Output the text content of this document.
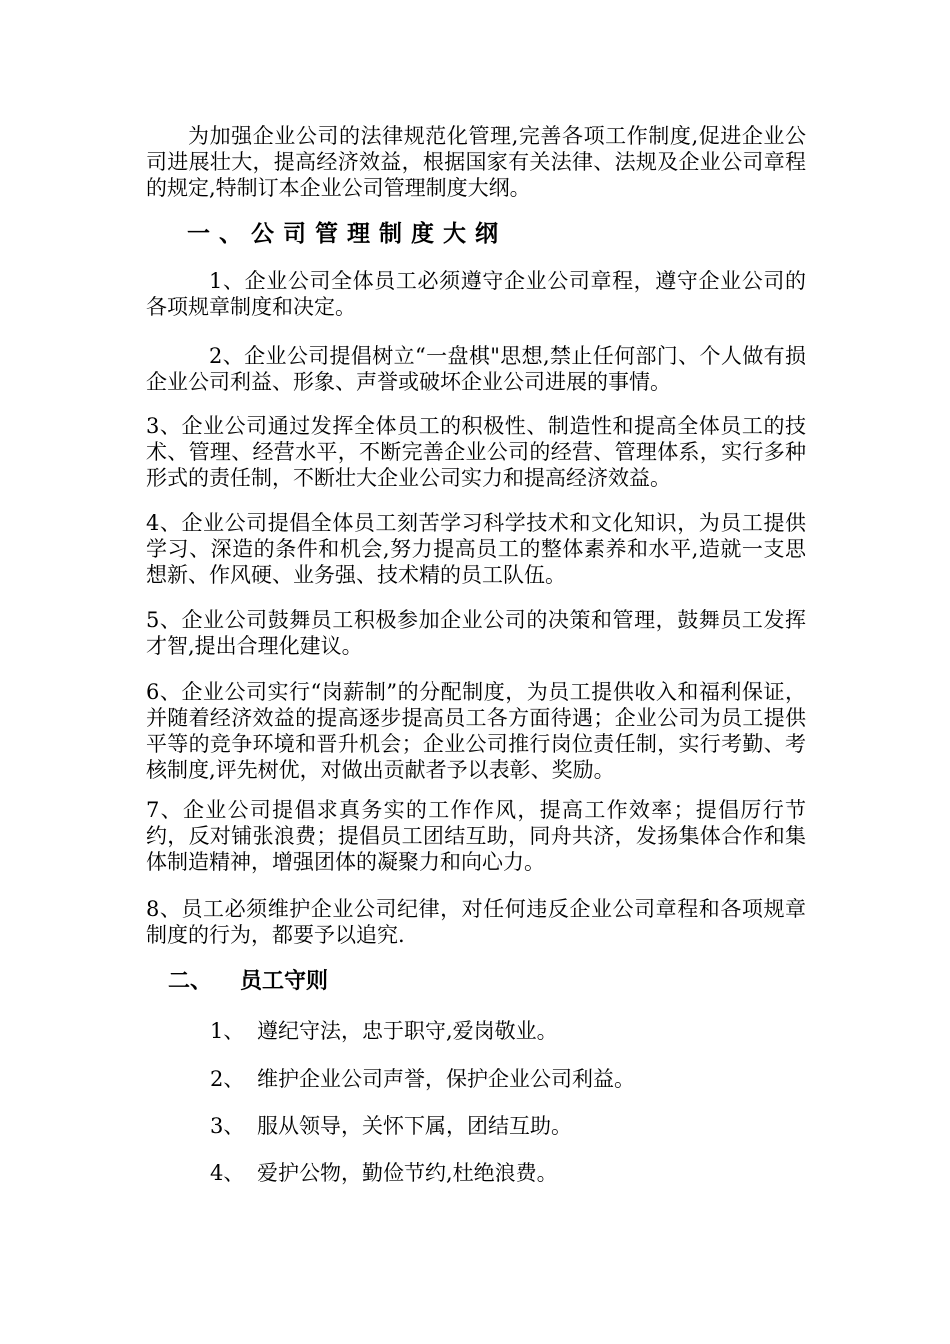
为加强企业公司的法律规范化管理,完善各项工作制度,促进企业公司进展壮大，提高经济效益，根据国家有关法律、法规及企业公司章程的规定,特制订本企业公司管理制度大纲。

一、公司管理制度大纲

1、企业公司全体员工必须遵守企业公司章程，遵守企业公司的各项规章制度和决定。

2、企业公司提倡树立“一盘棋"思想,禁止任何部门、个人做有损企业公司利益、形象、声誉或破坏企业公司进展的事情。

3、企业公司通过发挥全体员工的积极性、制造性和提高全体员工的技术、管理、经营水平，不断完善企业公司的经营、管理体系，实行多种形式的责任制，不断壮大企业公司实力和提高经济效益。

4、企业公司提倡全体员工刻苦学习科学技术和文化知识，为员工提供学习、深造的条件和机会,努力提高员工的整体素养和水平,造就一支思想新、作风硬、业务强、技术精的员工队伍。

5、企业公司鼓舞员工积极参加企业公司的决策和管理，鼓舞员工发挥才智,提出合理化建议。

6、企业公司实行“岗薪制”的分配制度，为员工提供收入和福利保证，并随着经济效益的提高逐步提高员工各方面待遇；企业公司为员工提供平等的竞争环境和晋升机会；企业公司推行岗位责任制，实行考勤、考核制度,评先树优，对做出贡献者予以表彰、奖励。

7、企业公司提倡求真务实的工作作风，提高工作效率；提倡厉行节约，反对铺张浪费；提倡员工团结互助，同舟共济，发扬集体合作和集体制造精神，增强团体的凝聚力和向心力。

8、员工必须维护企业公司纪律，对任何违反企业公司章程和各项规章制度的行为，都要予以追究.

二、 员工守则

1、 遵纪守法，忠于职守,爱岗敬业。

2、 维护企业公司声誉，保护企业公司利益。

3、 服从领导，关怀下属，团结互助。

4、 爱护公物，勤俭节约,杜绝浪费。
